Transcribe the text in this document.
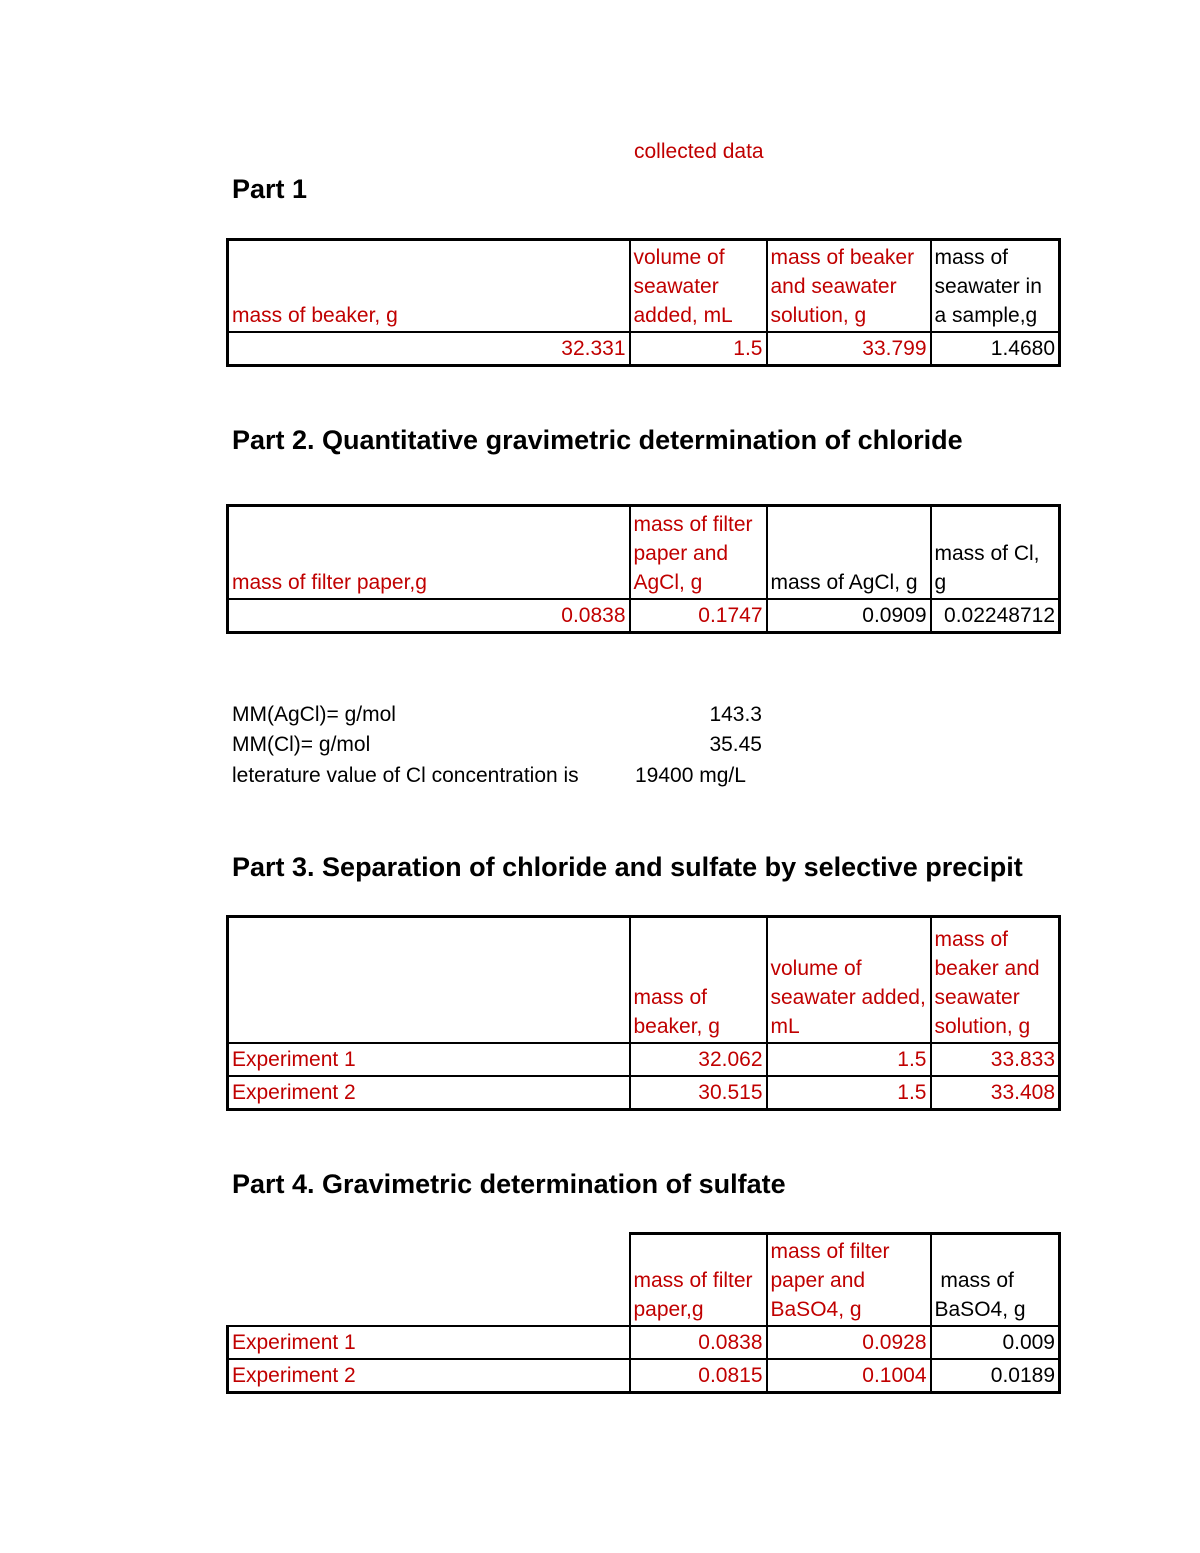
collected data
Part 1
mass of beaker, g	volume of seawater added, mL	mass of beaker and seawater solution, g	mass of seawater in a sample,g
32.331	1.5	33.799	1.4680
Part 2. Quantitative gravimetric determination of chloride
mass of filter paper,g	mass of filter paper and AgCl, g	mass of AgCl, g	mass of Cl, g
0.0838	0.1747	0.0909	0.02248712
MM(AgCl)= g/mol	143.3
MM(Cl)= g/mol	35.45
leterature value of Cl concentration is	19400 mg/L
Part 3. Separation of chloride and sulfate by selective precipit
	mass of beaker, g	volume of seawater added, mL	mass of beaker and seawater solution, g
Experiment 1	32.062	1.5	33.833
Experiment 2	30.515	1.5	33.408
Part 4. Gravimetric determination of sulfate
	mass of filter paper,g	mass of filter paper and BaSO4, g	mass of BaSO4, g
Experiment 1	0.0838	0.0928	0.009
Experiment 2	0.0815	0.1004	0.0189
